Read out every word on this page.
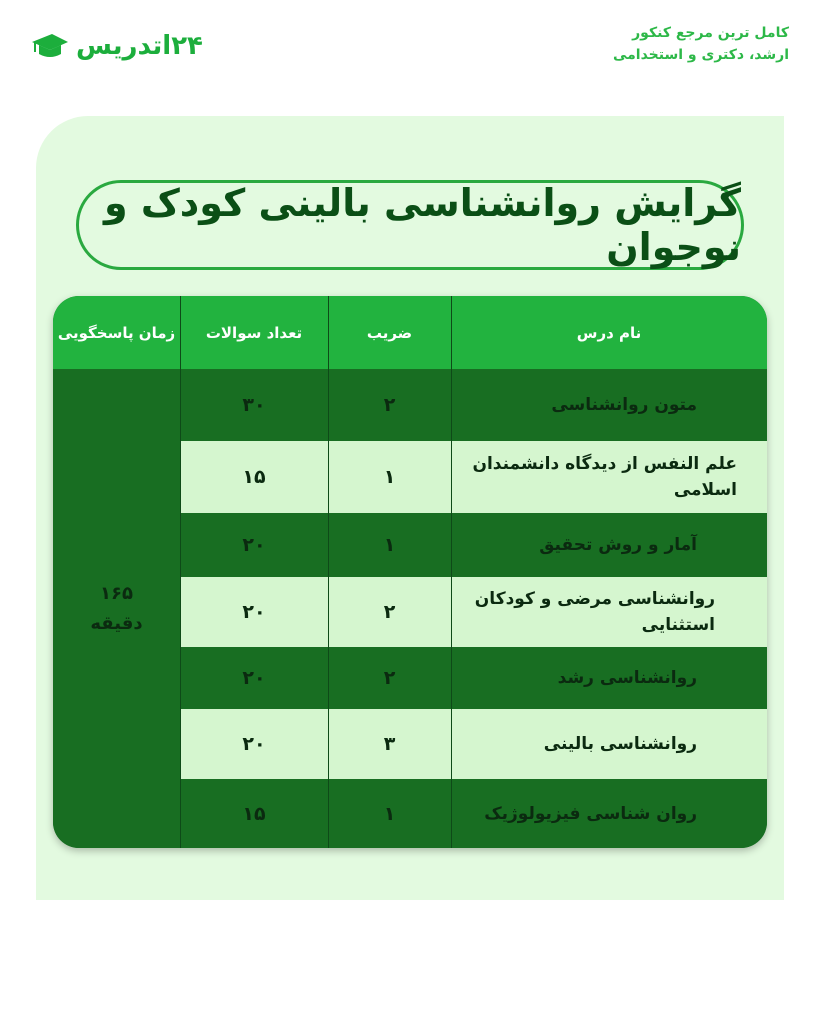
۲۴اتدریس	کامل ترین مرجع کنکور
ارشد، دکتری و استخدامی
گرایش روانشناسی بالینی کودک و نوجوان
نام درس
ضریب
تعداد سوالات
زمان پاسخگویی
متون روانشناسی
۲
۳۰
علم النفس از دیدگاه دانشمندان اسلامی
۱
۱۵
آمار و روش تحقیق
۱
۲۰
روانشناسی مرضی و کودکان استثنایی
۲
۲۰
روانشناسی رشد
۲
۲۰
روانشناسی بالینی
۳
۲۰
روان شناسی فیزیولوژیک
۱
۱۵
۱۶۵
دقیقه
